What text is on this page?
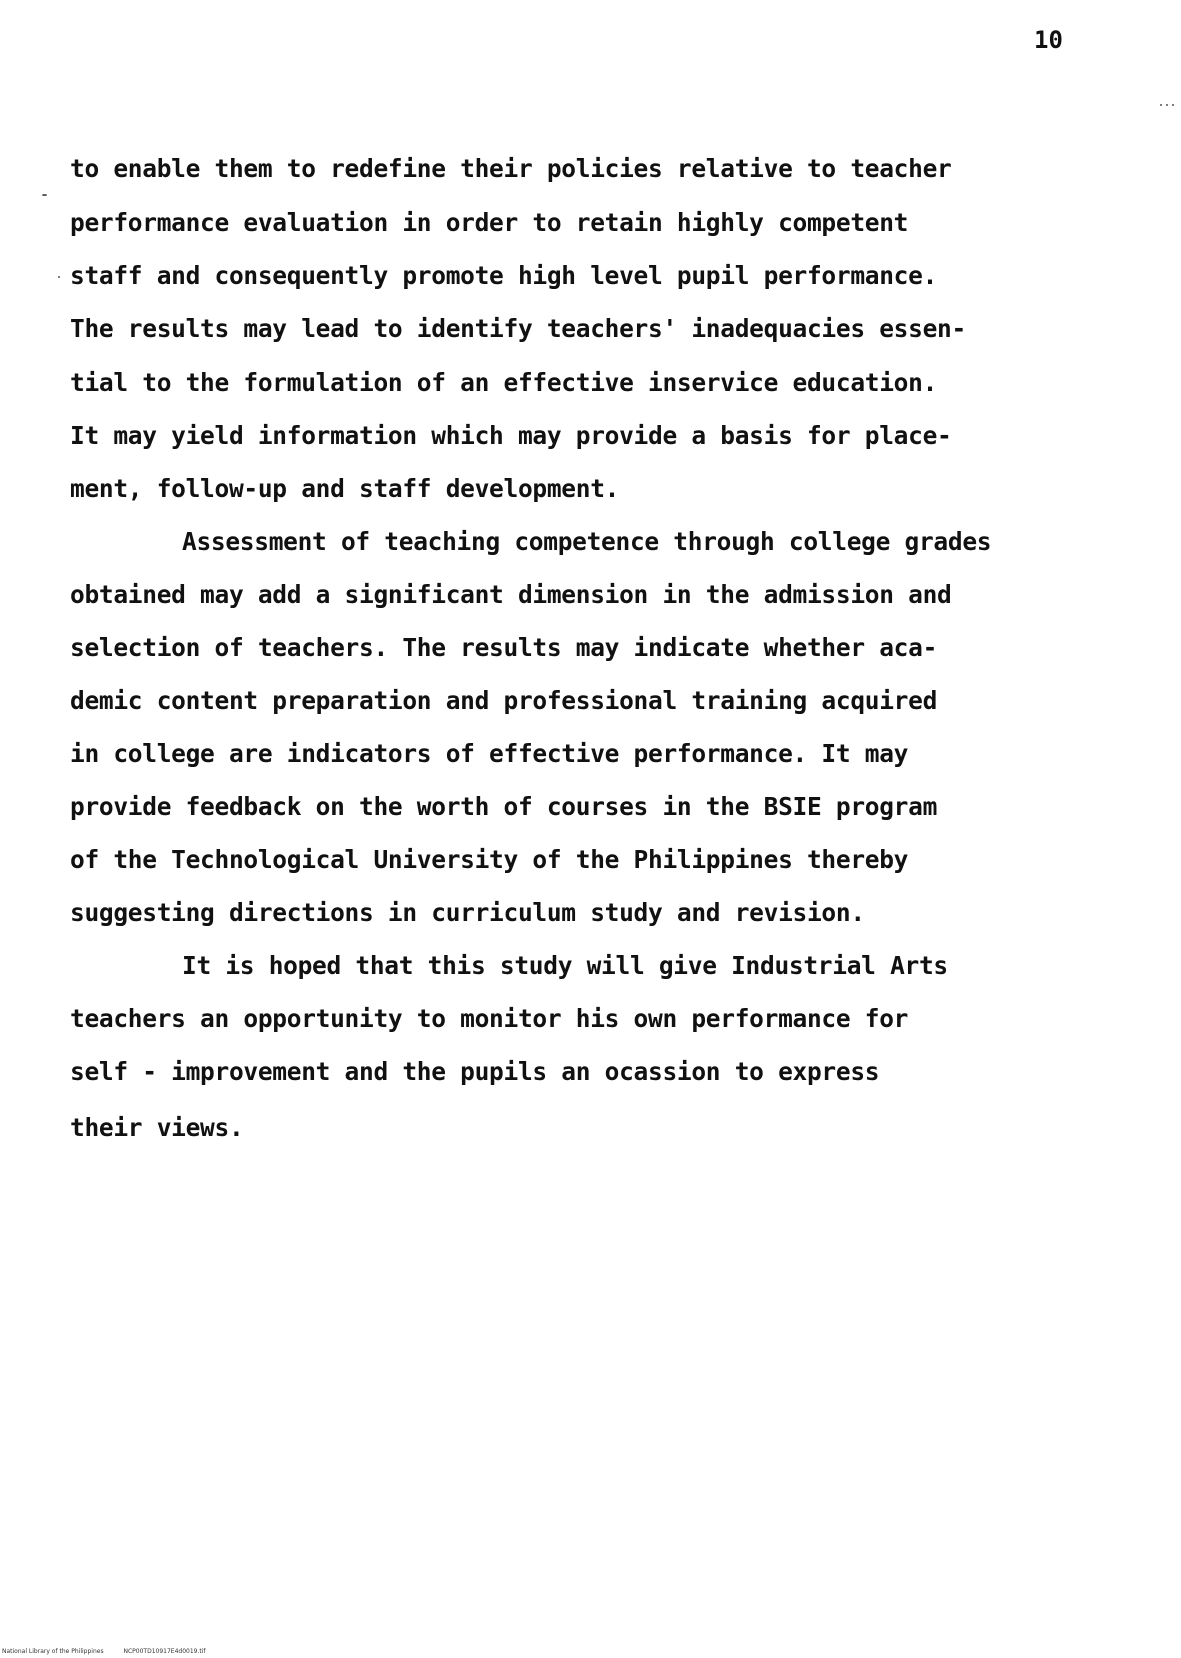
10
to enable them to redefine their policies relative to teacher
performance evaluation in order to retain highly competent
staff and consequently promote high level pupil performance.
The results may lead to identify teachers' inadequacies essen-
tial to the formulation of an effective inservice education.
It may yield information which may provide a basis for place-
ment, follow-up and staff development.
Assessment of teaching competence through college grades
obtained may add a significant dimension in the admission and
selection of teachers. The results may indicate whether aca-
demic content preparation and professional training acquired
in college are indicators of effective performance. It may
provide feedback on the worth of courses in the BSIE program
of the Technological University of the Philippines thereby
suggesting directions in curriculum study and revision.
It is hoped that this study will give Industrial Arts
teachers an opportunity to monitor his own performance for
self - improvement and the pupils an ocassion to express
their views.
National Library of the Philippines	NCP00TD10917E4d0019.tif
